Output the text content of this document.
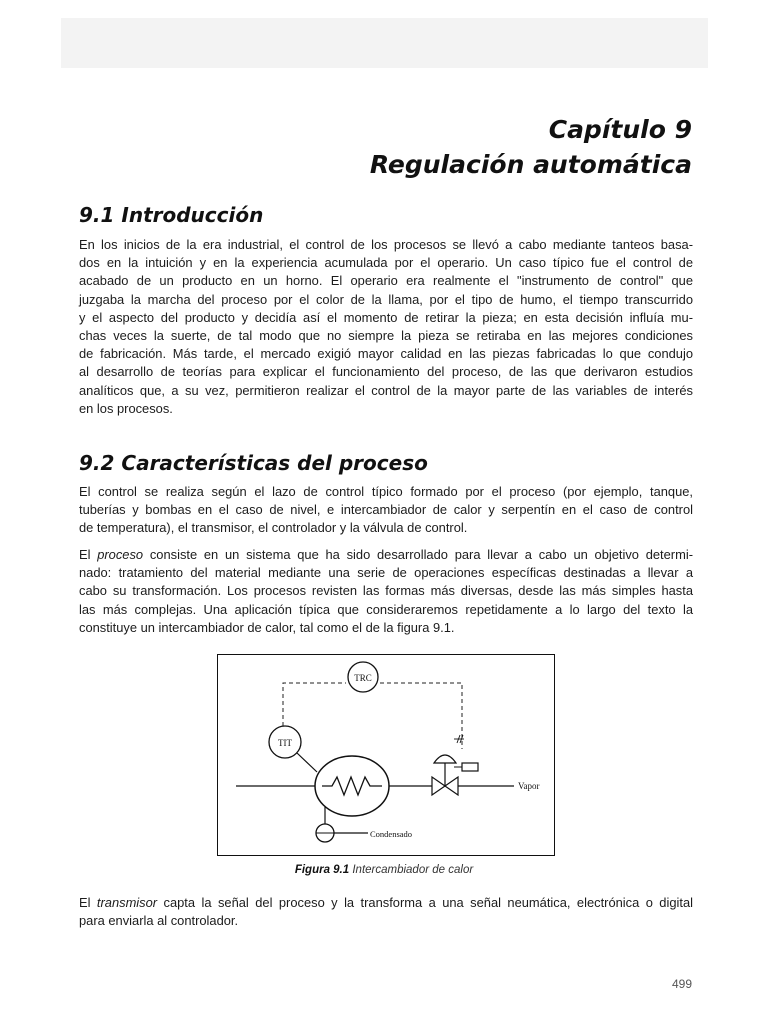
Capítulo 9
Regulación automática
9.1 Introducción
En los inicios de la era industrial, el control de los procesos se llevó a cabo mediante tanteos basa-
dos en la intuición y en la experiencia acumulada por el operario. Un caso típico fue el control de
acabado de un producto en un horno. El operario era realmente el "instrumento de control" que
juzgaba la marcha del proceso por el color de la llama, por el tipo de humo, el tiempo transcurrido
y el aspecto del producto y decidía así el momento de retirar la pieza; en esta decisión influía mu-
chas veces la suerte, de tal modo que no siempre la pieza se retiraba en las mejores condiciones
de fabricación. Más tarde, el mercado exigió mayor calidad en las piezas fabricadas lo que condujo
al desarrollo de teorías para explicar el funcionamiento del proceso, de las que derivaron estudios
analíticos que, a su vez, permitieron realizar el control de la mayor parte de las variables de interés
en los procesos.
9.2 Características del proceso
El control se realiza según el lazo de control típico formado por el proceso (por ejemplo, tanque,
tuberías y bombas en el caso de nivel, e intercambiador de calor y serpentín en el caso de control
de temperatura), el transmisor, el controlador y la válvula de control.
El proceso consiste en un sistema que ha sido desarrollado para llevar a cabo un objetivo determi-
nado: tratamiento del material mediante una serie de operaciones específicas destinadas a llevar a
cabo su transformación. Los procesos revisten las formas más diversas, desde las más simples hasta
las más complejas. Una aplicación típica que consideraremos repetidamente a lo largo del texto la
constituye un intercambiador de calor, tal como el de la figura 9.1.
TRC
TIT
Vapor
Condensado
Figura 9.1 Intercambiador de calor
El transmisor capta la señal del proceso y la transforma a una señal neumática, electrónica o digital
para enviarla al controlador.
499
